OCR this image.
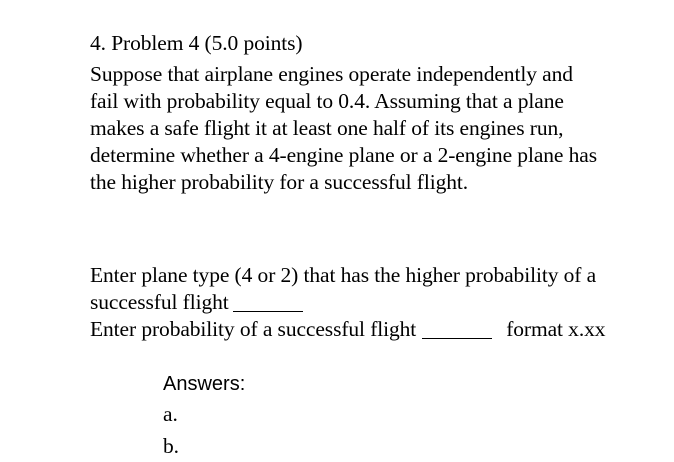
4. Problem 4 (5.0 points)
Suppose that airplane engines operate independently and
fail with probability equal to 0.4. Assuming that a plane
makes a safe flight it at least one half of its engines run,
determine whether a 4-engine plane or a 2-engine plane has
the higher probability for a successful flight.
Enter plane type (4 or 2) that has the higher probability of a
successful flight
Enter probability of a successful flight	format x.xx
Answers:
a.
b.
